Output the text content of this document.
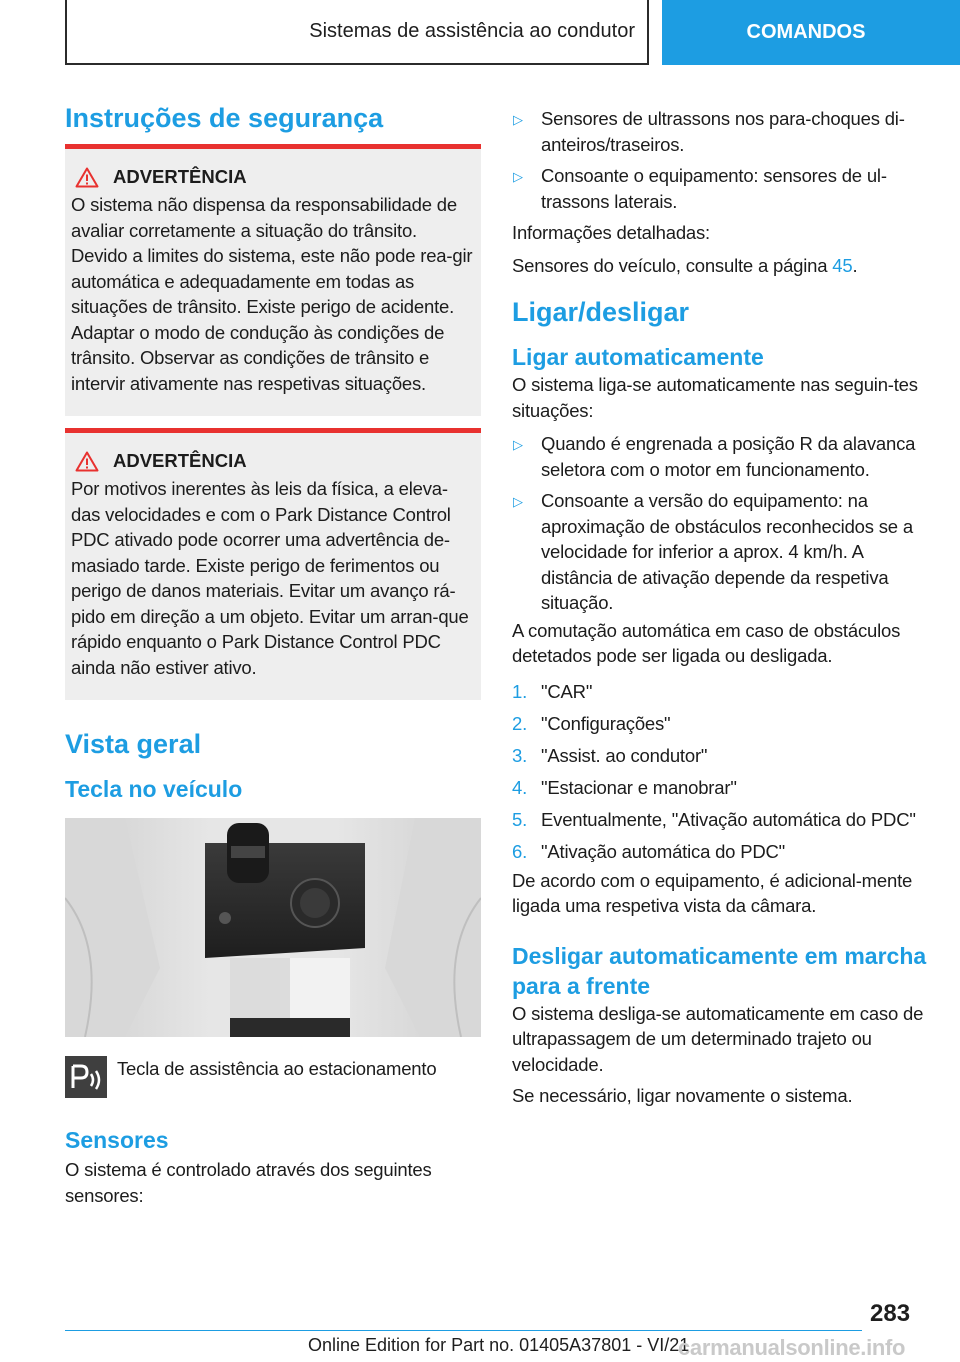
Sistemas de assistência ao condutor	COMANDOS
Instruções de segurança
ADVERTÊNCIA

O sistema não dispensa da responsabilidade de avaliar corretamente a situação do trânsito. Devido a limites do sistema, este não pode rea-gir automática e adequadamente em todas as situações de trânsito. Existe perigo de acidente. Adaptar o modo de condução às condições de trânsito. Observar as condições de trânsito e intervir ativamente nas respetivas situações.

ADVERTÊNCIA

Por motivos inerentes às leis da física, a eleva-das velocidades e com o Park Distance Control PDC ativado pode ocorrer uma advertência de-masiado tarde. Existe perigo de ferimentos ou perigo de danos materiais. Evitar um avanço rá-pido em direção a um objeto. Evitar um arran-que rápido enquanto o Park Distance Control PDC ainda não estiver ativo.

Vista geral
Tecla no veículo

Tecla de assistência ao estacionamento

Sensores

O sistema é controlado através dos seguintes sensores:

▷ Sensores de ultrassons nos para-choques di-anteiros/traseiros.
▷ Consoante o equipamento: sensores de ul-trassons laterais.

Informações detalhadas:

Sensores do veículo, consulte a página 45.

Ligar/desligar
Ligar automaticamente

O sistema liga-se automaticamente nas seguin-tes situações:

▷ Quando é engrenada a posição R da alavanca seletora com o motor em funcionamento.
▷ Consoante a versão do equipamento: na aproximação de obstáculos reconhecidos se a velocidade for inferior a aprox. 4 km/h. A distância de ativação depende da respetiva situação.

A comutação automática em caso de obstáculos detetados pode ser ligada ou desligada.

1. "CAR"
2. "Configurações"
3. "Assist. ao condutor"
4. "Estacionar e manobrar"
5. Eventualmente, "Ativação automática do PDC"
6. "Ativação automática do PDC"

De acordo com o equipamento, é adicional-mente ligada uma respetiva vista da câmara.

Desligar automaticamente em marcha para a frente

O sistema desliga-se automaticamente em caso de ultrapassagem de um determinado trajeto ou velocidade.

Se necessário, ligar novamente o sistema.

283
Online Edition for Part no. 01405A37801 - VI/21
carmanualsonline.info
